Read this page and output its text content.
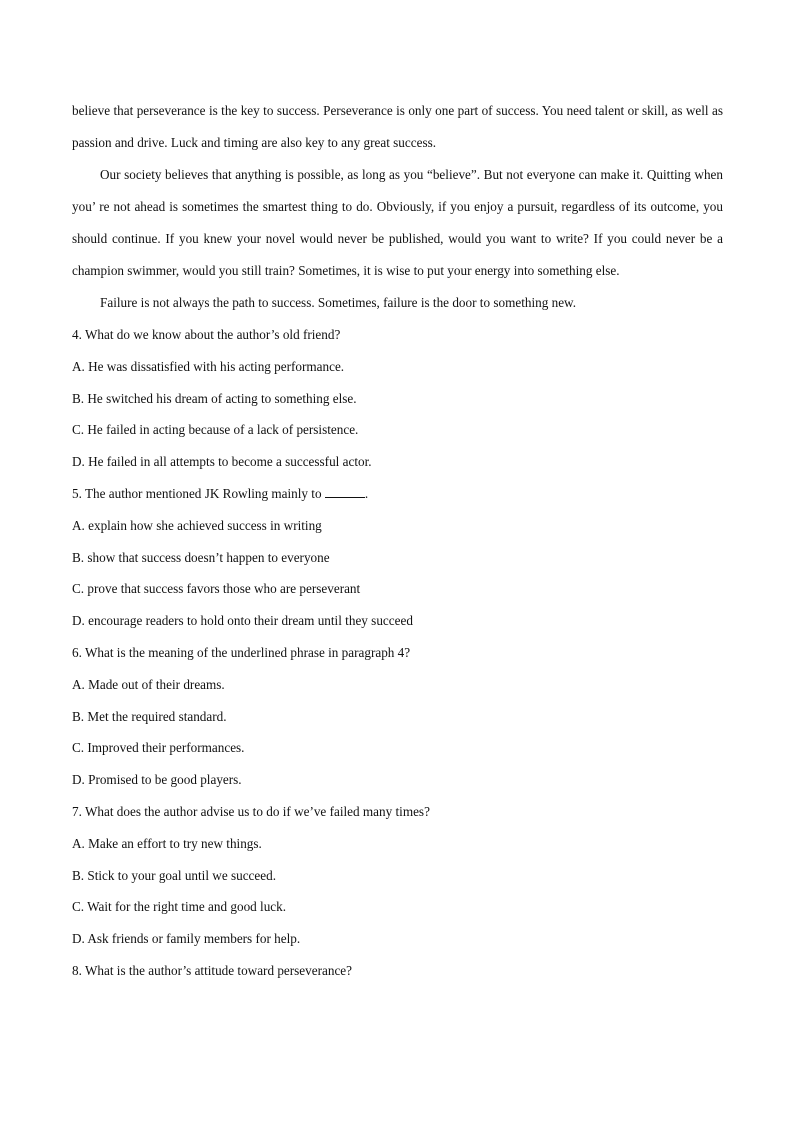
believe that perseverance is the key to success. Perseverance is only one part of success. You need talent or skill, as well as passion and drive. Luck and timing are also key to any great success.

Our society believes that anything is possible, as long as you “believe”. But not everyone can make it. Quitting when you’ re not ahead is sometimes the smartest thing to do. Obviously, if you enjoy a pursuit, regardless of its outcome, you should continue. If you knew your novel would never be published, would you want to write? If you could never be a champion swimmer, would you still train? Sometimes, it is wise to put your energy into something else.

Failure is not always the path to success. Sometimes, failure is the door to something new.

4. What do we know about the author’s old friend?

A. He was dissatisfied with his acting performance.

B. He switched his dream of acting to something else.

C. He failed in acting because of a lack of persistence.

D. He failed in all attempts to become a successful actor.

5. The author mentioned JK Rowling mainly to	.

A. explain how she achieved success in writing

B. show that success doesn’t happen to everyone

C. prove that success favors those who are perseverant

D. encourage readers to hold onto their dream until they succeed

6. What is the meaning of the underlined phrase in paragraph 4?

A. Made out of their dreams.

B. Met the required standard.

C. Improved their performances.

D. Promised to be good players.

7. What does the author advise us to do if we’ve failed many times?

A. Make an effort to try new things.

B. Stick to your goal until we succeed.

C. Wait for the right time and good luck.

D. Ask friends or family members for help.

8. What is the author’s attitude toward perseverance?
